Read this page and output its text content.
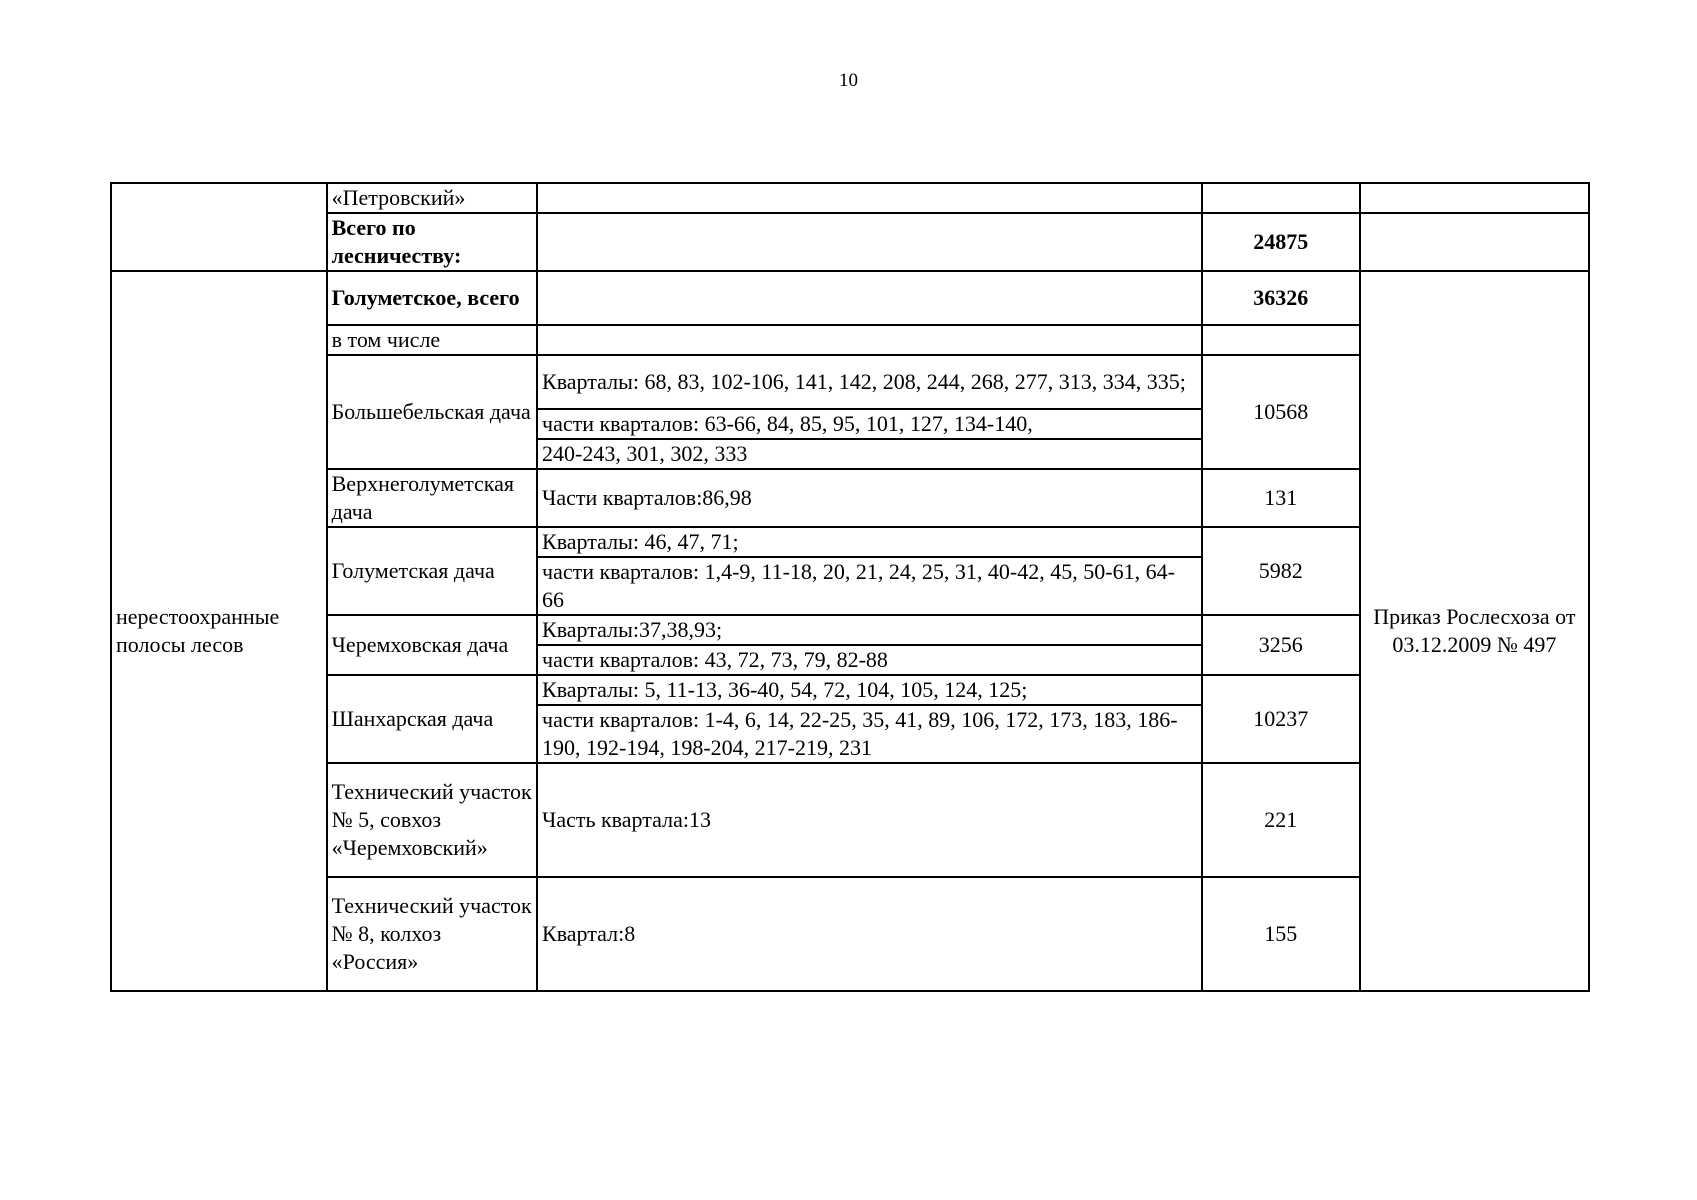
10
	«Петровский»			
	Всего по лесничеству:		24875	
нерестоохранные полосы лесов	Голуметское, всего		36326	Приказ Рослесхоза от 03.12.2009 № 497
	в том числе			
	Большебельская дача	Кварталы: 68, 83, 102-106, 141, 142, 208, 244, 268, 277, 313, 334, 335;	10568	
		части кварталов: 63-66, 84, 85, 95, 101, 127, 134-140,		
		240-243, 301, 302, 333		
	Верхнеголуметская дача	Части кварталов:86,98	131	
	Голуметская дача	Кварталы: 46, 47, 71;	5982	
		части кварталов: 1,4-9, 11-18, 20, 21, 24, 25, 31, 40-42, 45, 50-61, 64-66		
	Черемховская дача	Кварталы:37,38,93;	3256	
		части кварталов: 43, 72, 73, 79, 82-88		
	Шанхарская дача	Кварталы: 5, 11-13, 36-40, 54, 72, 104, 105, 124, 125;	10237	
		части кварталов: 1-4, 6, 14, 22-25, 35, 41, 89, 106, 172, 173, 183, 186-190, 192-194, 198-204, 217-219, 231		
	Технический участок № 5, совхоз «Черемховский»	Часть квартала:13	221	
	Технический участок № 8, колхоз «Россия»	Квартал:8	155	
